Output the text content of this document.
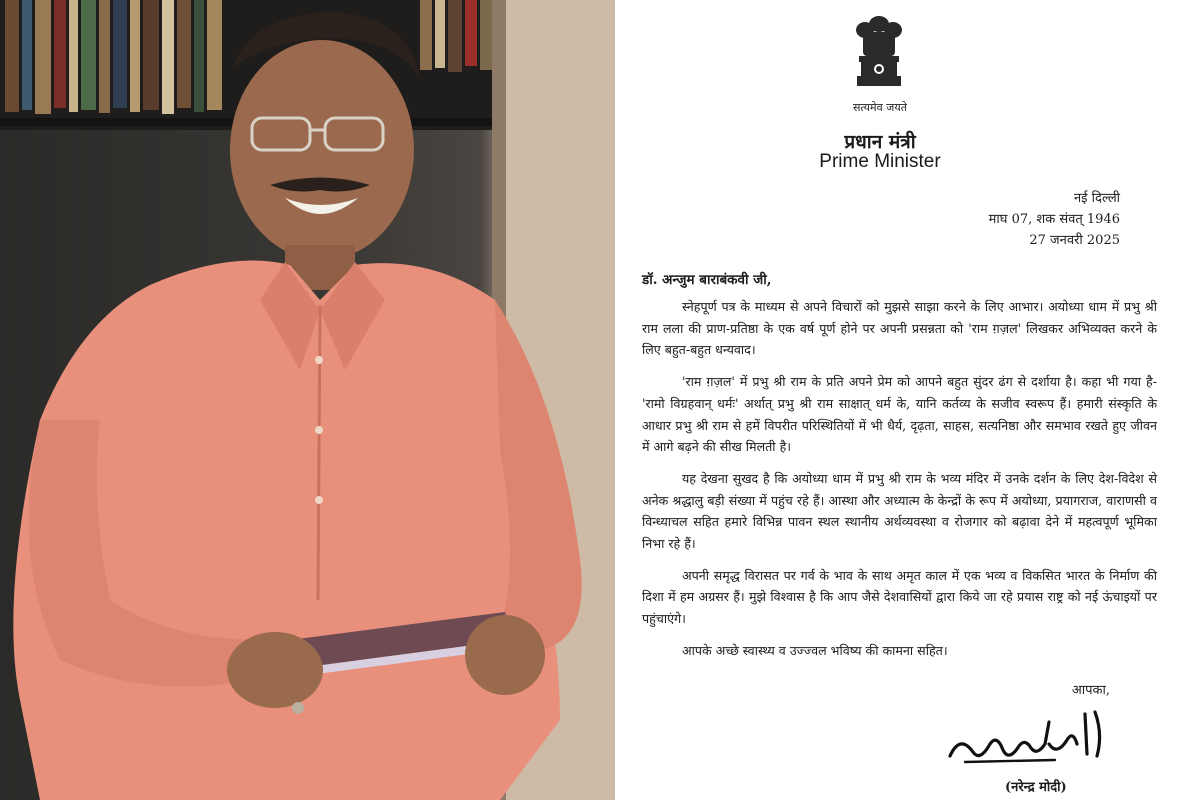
सत्यमेव जयते
प्रधान मंत्री
Prime Minister
नई दिल्ली
माघ 07, शक संवत् 1946
27 जनवरी 2025
डॉ. अन्जुम बाराबंकवी जी,

स्नेहपूर्ण पत्र के माध्यम से अपने विचारों को मुझसे साझा करने के लिए आभार। अयोध्या धाम में प्रभु श्री राम लला की प्राण-प्रतिष्ठा के एक वर्ष पूर्ण होने पर अपनी प्रसन्नता को 'राम ग़ज़ल' लिखकर अभिव्यक्त करने के लिए बहुत-बहुत धन्यवाद।

'राम ग़ज़ल' में प्रभु श्री राम के प्रति अपने प्रेम को आपने बहुत सुंदर ढंग से दर्शाया है। कहा भी गया है- 'रामो विग्रहवान् धर्मः' अर्थात् प्रभु श्री राम साक्षात् धर्म के, यानि कर्तव्य के सजीव स्वरूप हैं। हमारी संस्कृति के आधार प्रभु श्री राम से हमें विपरीत परिस्थितियों में भी धैर्य, दृढ़ता, साहस, सत्यनिष्ठा और समभाव रखते हुए जीवन में आगे बढ़ने की सीख मिलती है।

यह देखना सुखद है कि अयोध्या धाम में प्रभु श्री राम के भव्य मंदिर में उनके दर्शन के लिए देश-विदेश से अनेक श्रद्धालु बड़ी संख्या में पहुंच रहे हैं। आस्था और अध्यात्म के केन्द्रों के रूप में अयोध्या, प्रयागराज, वाराणसी व विन्ध्याचल सहित हमारे विभिन्न पावन स्थल स्थानीय अर्थव्यवस्था व रोजगार को बढ़ावा देने में महत्वपूर्ण भूमिका निभा रहे हैं।

अपनी समृद्ध विरासत पर गर्व के भाव के साथ अमृत काल में एक भव्य व विकसित भारत के निर्माण की दिशा में हम अग्रसर हैं। मुझे विश्वास है कि आप जैसे देशवासियों द्वारा किये जा रहे प्रयास राष्ट्र को नई ऊंचाइयों पर पहुंचाएंगे।

आपके अच्छे स्वास्थ्य व उज्ज्वल भविष्य की कामना सहित।

आपका,
(नरेन्द्र मोदी)
